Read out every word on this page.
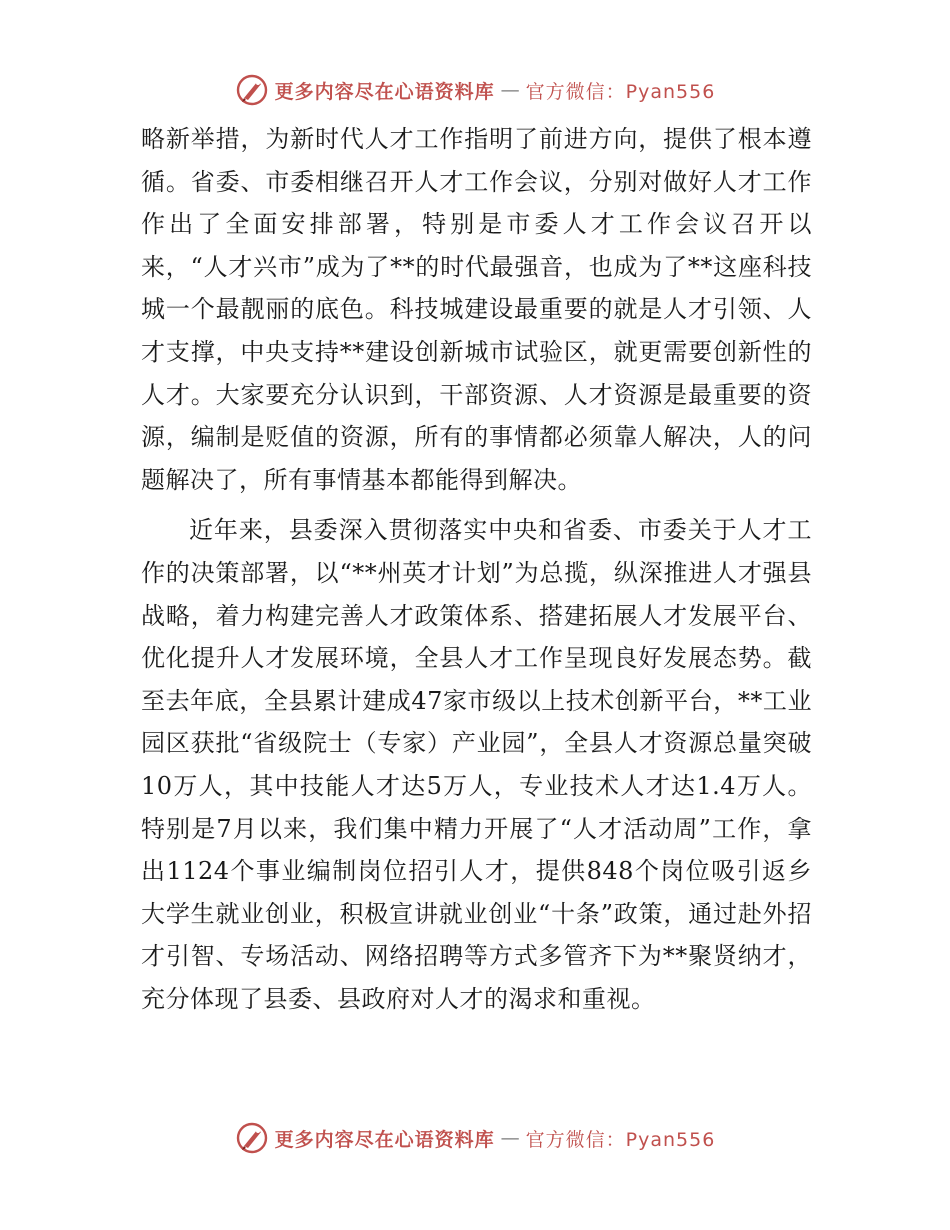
更多内容尽在心语资料库 — 官方微信：Pyan556

略新举措，为新时代人才工作指明了前进方向，提供了根本遵循。省委、市委相继召开人才工作会议，分别对做好人才工作作出了全面安排部署，特别是市委人才工作会议召开以来，“人才兴市”成为了**的时代最强音，也成为了**这座科技城一个最靓丽的底色。科技城建设最重要的就是人才引领、人才支撑，中央支持**建设创新城市试验区，就更需要创新性的人才。大家要充分认识到，干部资源、人才资源是最重要的资源，编制是贬值的资源，所有的事情都必须靠人解决，人的问题解决了，所有事情基本都能得到解决。

近年来，县委深入贯彻落实中央和省委、市委关于人才工作的决策部署，以“**州英才计划”为总揽，纵深推进人才强县战略，着力构建完善人才政策体系、搭建拓展人才发展平台、优化提升人才发展环境，全县人才工作呈现良好发展态势。截至去年底，全县累计建成47家市级以上技术创新平台，**工业园区获批“省级院士（专家）产业园”，全县人才资源总量突破10万人，其中技能人才达5万人，专业技术人才达1.4万人。特别是7月以来，我们集中精力开展了“人才活动周”工作，拿出1124个事业编制岗位招引人才，提供848个岗位吸引返乡大学生就业创业，积极宣讲就业创业“十条”政策，通过赴外招才引智、专场活动、网络招聘等方式多管齐下为**聚贤纳才，充分体现了县委、县政府对人才的渴求和重视。

更多内容尽在心语资料库 — 官方微信：Pyan556
